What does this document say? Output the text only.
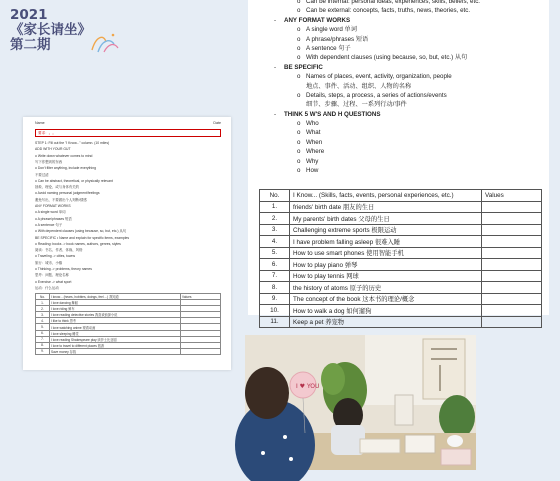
2021
《家长请坐》
第二期
Name	Date
要求：。。
STEP 1: Fill out the "I Know..." column. (10 miles)
ADD WITH YOUR GUT
o Write down whatever comes to mind
写下你想到的东西
o Don't filter anything, include everything
不要过滤
o Can be abstract, theoretical, or physically relevant
抽象、理论、或与身体有关的
o Avoid naming personal judgment/feelings
避免写出，不要做出个人判断/情感
ANY FORMAT WORKS
o A single word 单词
o A phrase/phrases 短语
o A sentence 句子
o With dependent clauses (using because, so, but, etc.) 从句
BE SPECIFIC • Name and explain for specific items, examples
o Reading: books -> book names, authors, genres, styles
阅读：书名、作者、体裁、风格
o Traveling -> cities, towns
旅行：城市、小镇
o Thinking -> problems, theory names
思考：问题、理论名称
o Exercise -> what sport
运动：什么运动
No.	I know... (hears, hobbies, doings, feel ...) 我知道	Values
1.	I love dancing 舞蹈	
2.	I love riding 骑车	
3.	I love reading detective stories 我喜欢侦探小说	
4.	I like to think 思考	
5.	I love watching anime 观看动画	
6.	I love sleeping 睡觉	
7.	I love reading Shakespeare play 读莎士比亚剧	
8.	I love to travel to different places 旅游	
9.	Save money 存钱	
o Can be internal: personal ideas, experiences, skills, beliefs, etc.
o Can be external: concepts, facts, truths, news, theories, etc.
- ANY FORMAT WORKS
o A single word 单词
o A phrase/phrases 短语
o A sentence 句子
o With dependent clauses (using because, so, but, etc.) 从句
- BE SPECIFIC
o Names of places, event, activity, organization, people
地点、事件、活动、组织、人物的名称
o Details, steps, a process, a series of actions/events
细节、步骤、过程、一系列行动/事件
- THINK 5 W'S AND H QUESTIONS
o Who
o What
o When
o Where
o Why
o How
No.	I Know... (Skills, facts, events, personal experiences, etc.)	Values
1.	friends' birth date 朋友的生日	
2.	My parents' birth dates 父母的生日	
3.	Challenging extreme sports 极限运动	
4.	I have problem falling asleep 很难入睡	
5.	How to use smart phones 使用智能手机	
6.	How to play piano 弹琴	
7.	How to play tennis 网球	
8.	the history of atoms 原子的历史	
9.	The concept of the book 这本书的理论/概念	
10.	How to walk a dog 如何遛狗	
11.	Keep a pet 养宠物	
I ♥ YOU
